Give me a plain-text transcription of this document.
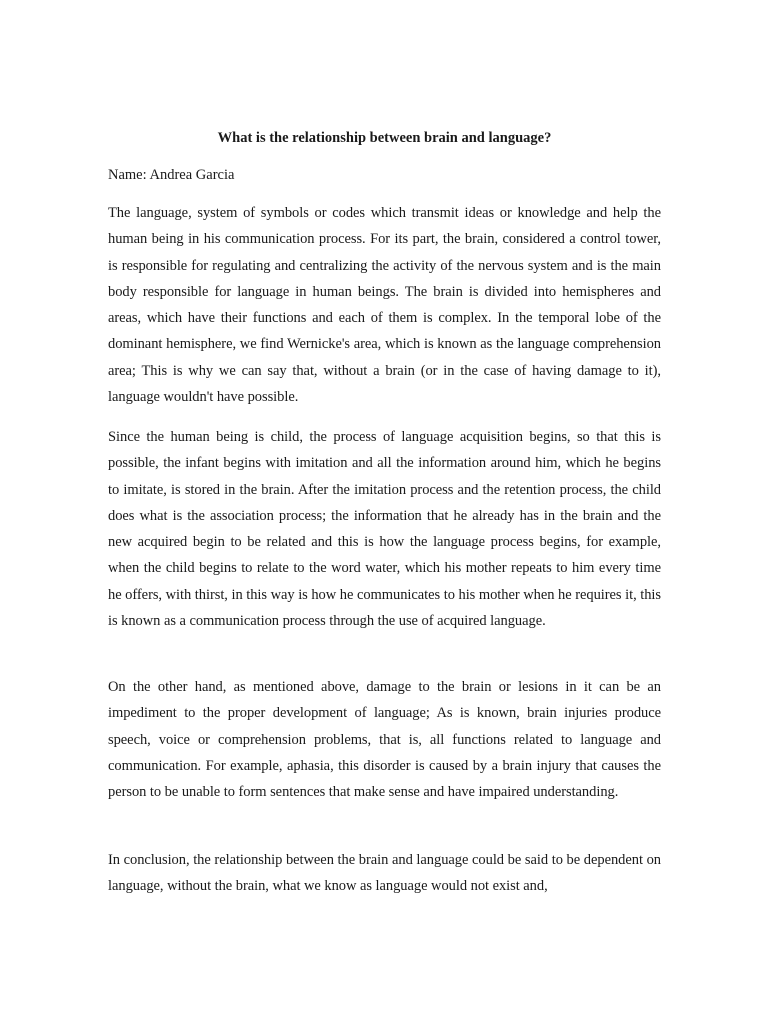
What is the relationship between brain and language?

Name: Andrea Garcia

The language, system of symbols or codes which transmit ideas or knowledge and help the human being in his communication process. For its part, the brain, considered a control tower, is responsible for regulating and centralizing the activity of the nervous system and is the main body responsible for language in human beings. The brain is divided into hemispheres and areas, which have their functions and each of them is complex. In the temporal lobe of the dominant hemisphere, we find Wernicke's area, which is known as the language comprehension area; This is why we can say that, without a brain (or in the case of having damage to it), language wouldn't have possible.

Since the human being is child, the process of language acquisition begins, so that this is possible, the infant begins with imitation and all the information around him, which he begins to imitate, is stored in the brain. After the imitation process and the retention process, the child does what is the association process; the information that he already has in the brain and the new acquired begin to be related and this is how the language process begins, for example, when the child begins to relate to the word water, which his mother repeats to him every time he offers, with thirst, in this way is how he communicates to his mother when he requires it, this is known as a communication process through the use of acquired language.

On the other hand, as mentioned above, damage to the brain or lesions in it can be an impediment to the proper development of language; As is known, brain injuries produce speech, voice or comprehension problems, that is, all functions related to language and communication. For example, aphasia, this disorder is caused by a brain injury that causes the person to be unable to form sentences that make sense and have impaired understanding.

In conclusion, the relationship between the brain and language could be said to be dependent on language, without the brain, what we know as language would not exist and,
